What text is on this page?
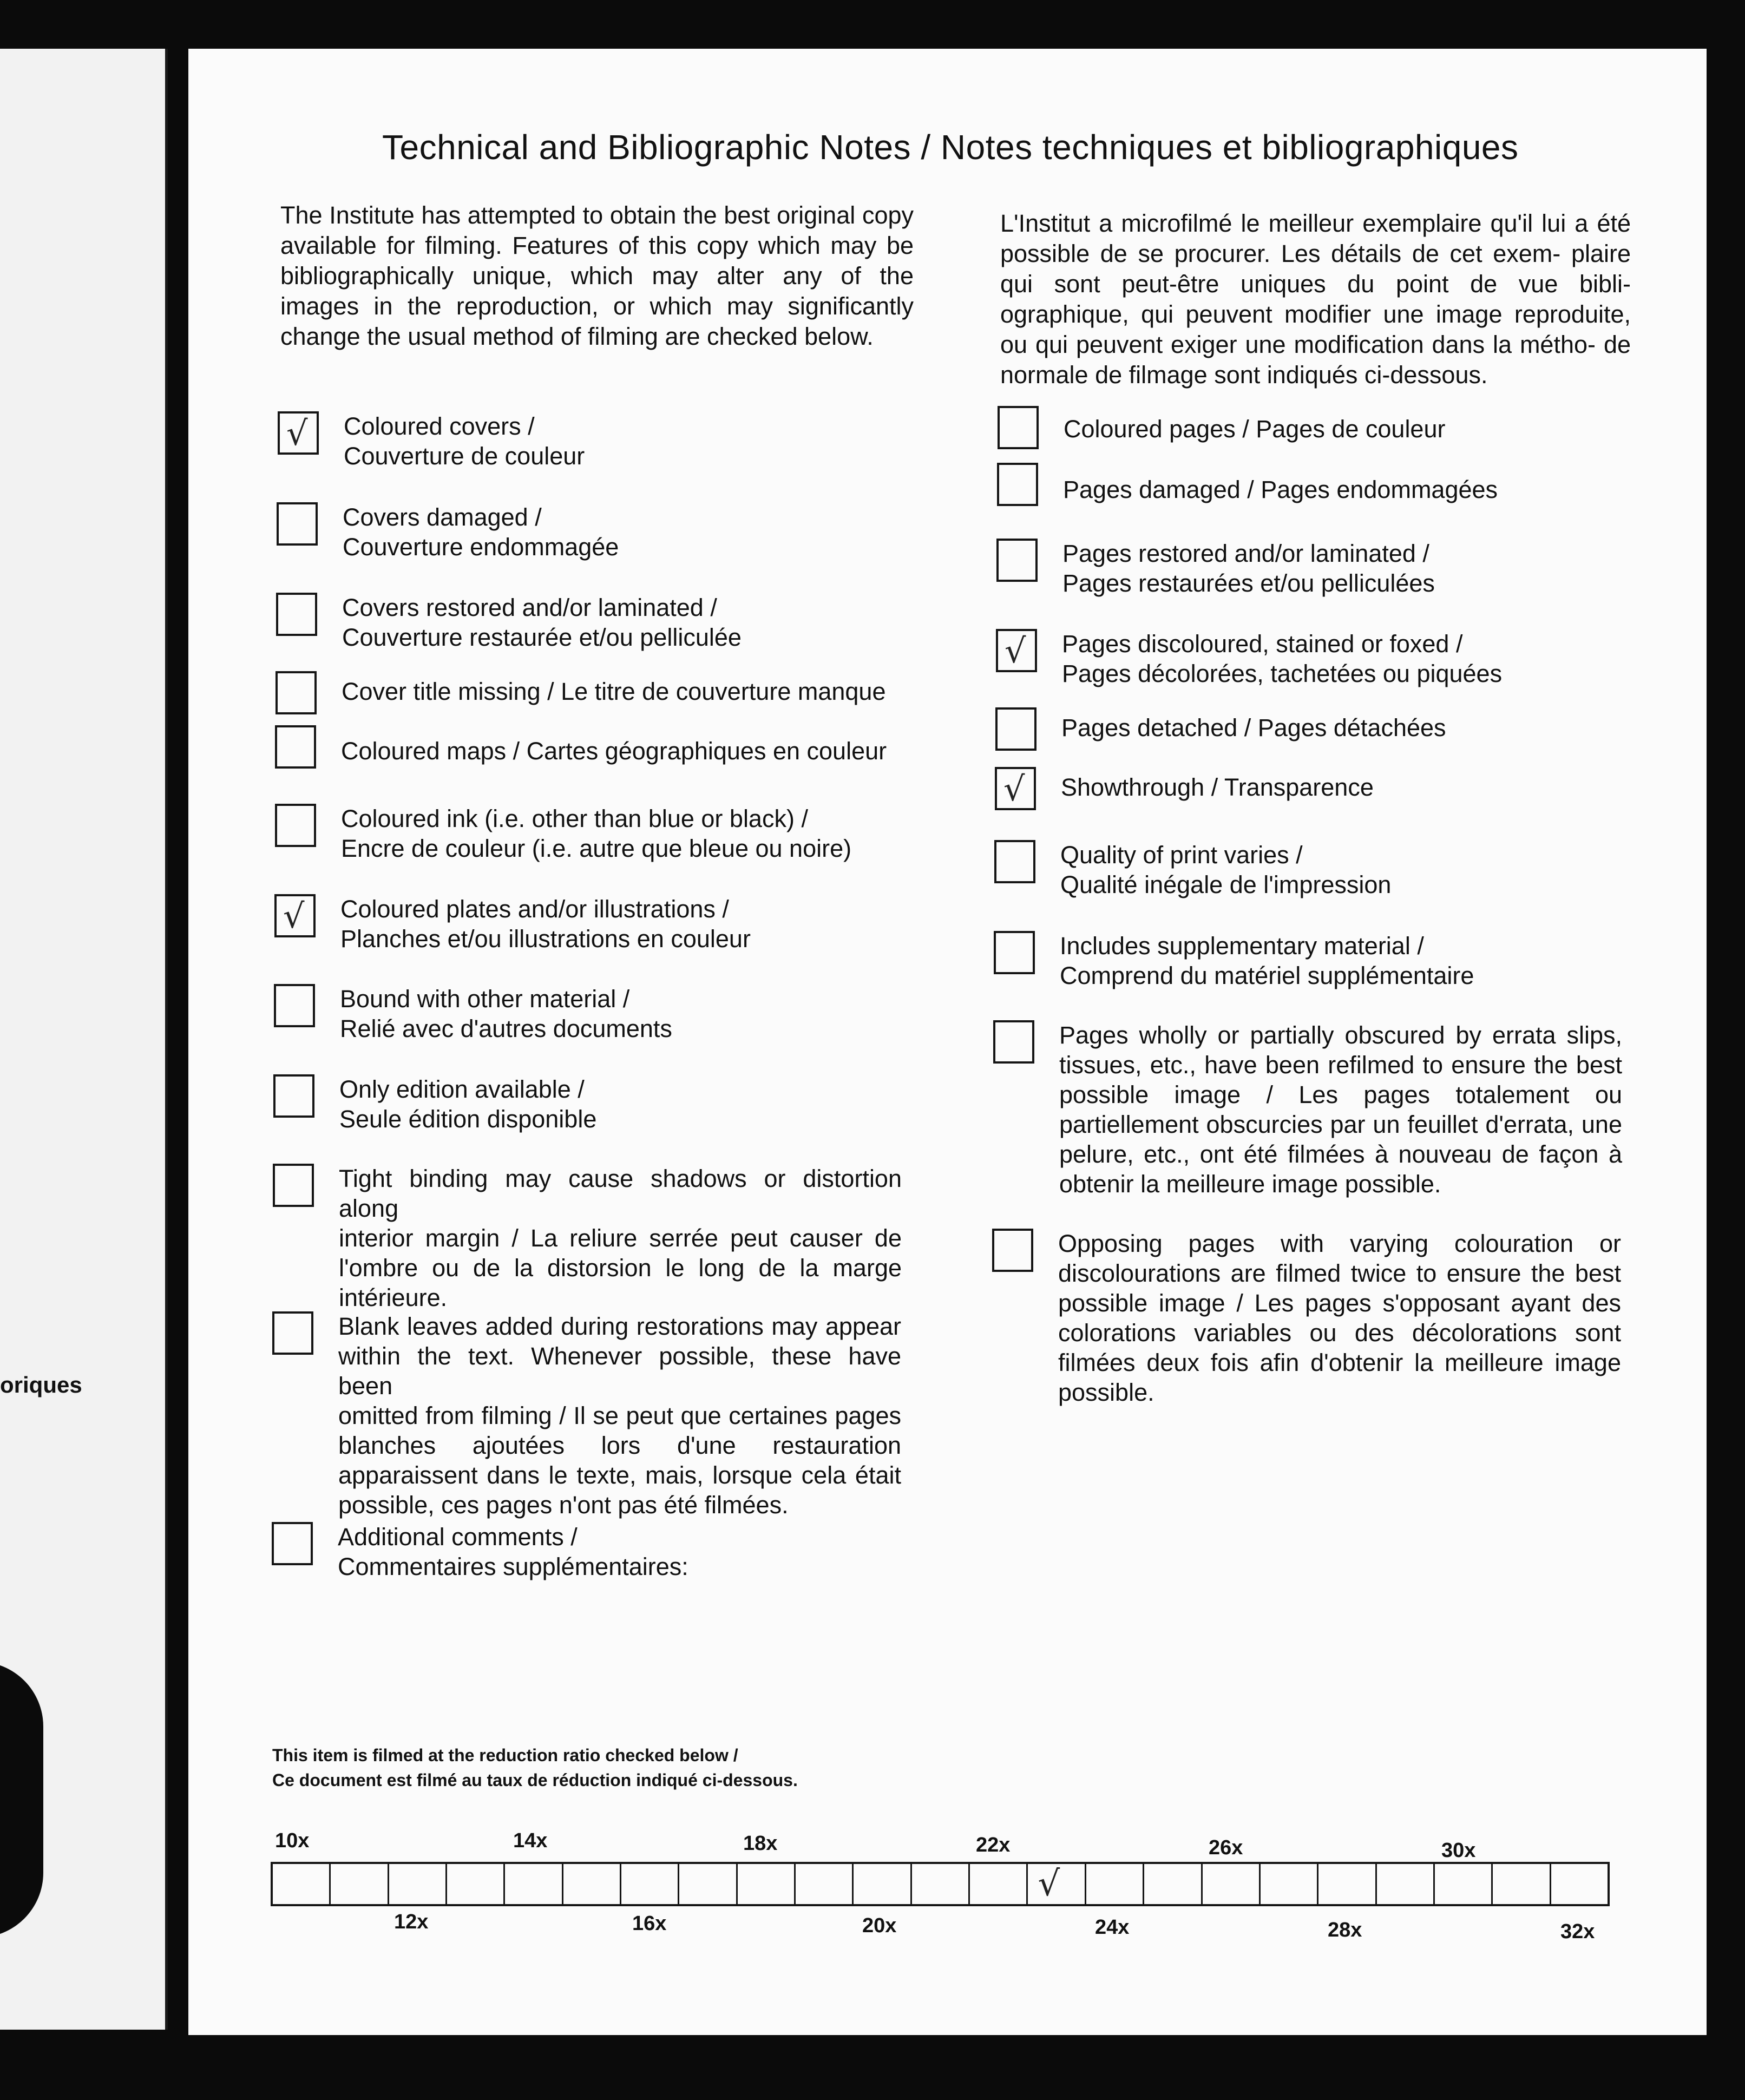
oriques
Technical and Bibliographic Notes / Notes techniques et bibliographiques
The Institute has attempted to obtain the best original copy available for filming. Features of this copy which may be bibliographically unique, which may alter any of the images in the reproduction, or which may significantly change the usual method of filming are checked below.
L'Institut a microfilmé le meilleur exemplaire qu'il lui a été possible de se procurer. Les détails de cet exem- plaire qui sont peut-être uniques du point de vue bibli- ographique, qui peuvent modifier une image reproduite, ou qui peuvent exiger une modification dans la métho- de normale de filmage sont indiqués ci-dessous.
√ Coloured covers /
Couverture de couleur
Covers damaged /
Couverture endommagée
Covers restored and/or laminated /
Couverture restaurée et/ou pelliculée
Cover title missing / Le titre de couverture manque
Coloured maps / Cartes géographiques en couleur
Coloured ink (i.e. other than blue or black) /
Encre de couleur (i.e. autre que bleue ou noire)
√ Coloured plates and/or illustrations /
Planches et/ou illustrations en couleur
Bound with other material /
Relié avec d'autres documents
Only edition available /
Seule édition disponible
Tight binding may cause shadows or distortion along
interior margin / La reliure serrée peut causer de
l'ombre ou de la distorsion le long de la marge
intérieure.
Blank leaves added during restorations may appear
within the text. Whenever possible, these have been
omitted from filming / Il se peut que certaines pages
blanches ajoutées lors d'une restauration
apparaissent dans le texte, mais, lorsque cela était
possible, ces pages n'ont pas été filmées.
Additional comments /
Commentaires supplémentaires:
Coloured pages / Pages de couleur
Pages damaged / Pages endommagées
Pages restored and/or laminated /
Pages restaurées et/ou pelliculées
√ Pages discoloured, stained or foxed /
Pages décolorées, tachetées ou piquées
Pages detached / Pages détachées
√ Showthrough / Transparence
Quality of print varies /
Qualité inégale de l'impression
Includes supplementary material /
Comprend du matériel supplémentaire
Pages wholly or partially obscured by errata slips,
tissues, etc., have been refilmed to ensure the best
possible image / Les pages totalement ou
partiellement obscurcies par un feuillet d'errata, une
pelure, etc., ont été filmées à nouveau de façon à
obtenir la meilleure image possible.
Opposing pages with varying colouration or
discolourations are filmed twice to ensure the best
possible image / Les pages s'opposant ayant des
colorations variables ou des décolorations sont
filmées deux fois afin d'obtenir la meilleure image
possible.
This item is filmed at the reduction ratio checked below /
Ce document est filmé au taux de réduction indiqué ci-dessous.
10x	14x	18x	22x	26x	30x
12x	16x	20x	24x	28x	32x
√
